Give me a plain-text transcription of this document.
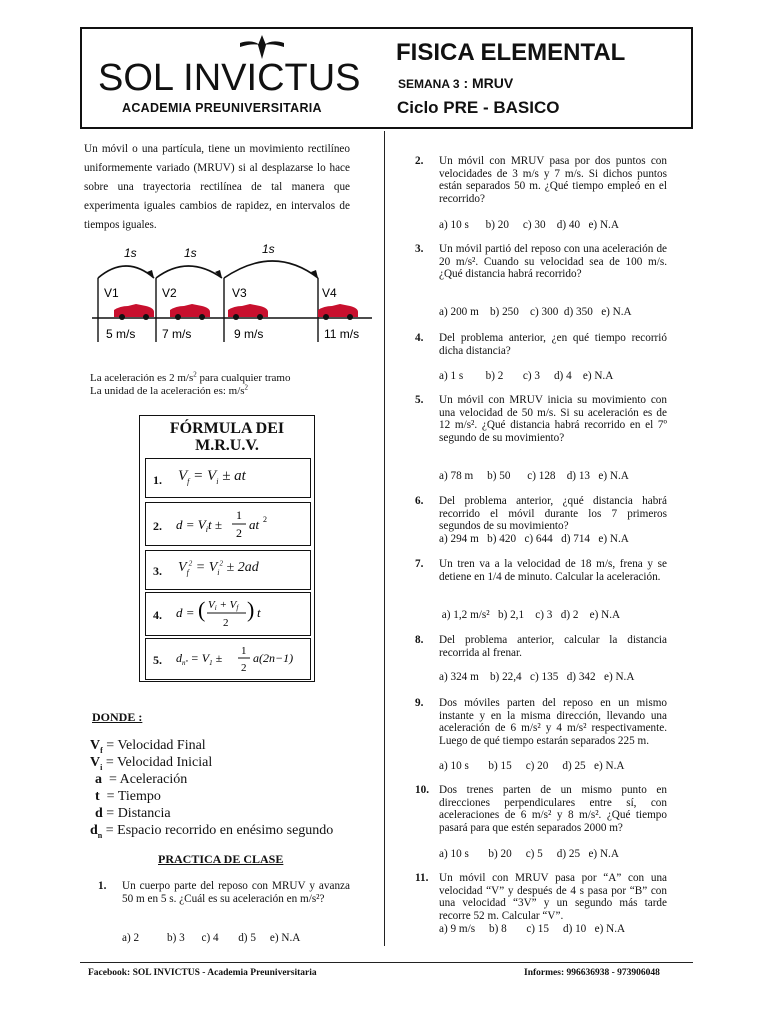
SOL INVICTUS
ACADEMIA PREUNIVERSITARIA
FISICA ELEMENTAL
SEMANA 3 : MRUV
Ciclo PRE - BASICO
Un móvil o una partícula, tiene un movimiento rectilíneo uniformemente variado (MRUV) si al desplazarse lo hace sobre una trayectoria rectilínea de tal manera que experimenta iguales cambios de rapidez, en intervalos de tiempos iguales.
1s	1s	1s
V1	V2	V3	V4
5 m/s 7 m/s	9 m/s	11 m/s
La aceleración es 2 $m/s^2$ para cualquier tramo
La unidad de la aceleración es: $m/s^2$
FÓRMULA DEI
M.R.U.V.
1. $V_f = V_i$ ± at
2. $d = V_it$ ±
1
2
at 2
3. $V_f^2 = V_i^2 \pm 2ad$
4. d = ( Vi + Vf
2
) t
5. $d_{nº} = V_1 \pm 1$
2
a(2n−1)
DONDE :
$V_f$ = Velocidad Final
$V_i$ = Velocidad Inicial
a  = Aceleración
t  = Tiempo
d = Distancia
$d_n$ = Espacio recorrido en enésimo segundo
PRACTICA DE CLASE
1. Un cuerpo parte del reposo con MRUV y avanza 50 m en 5 s. ¿Cuál es su aceleración en m/s²?
a) 2          b) 3      c) 4       d) 5     e) N.A
2. Un móvil con MRUV pasa por dos puntos con velocidades de 3 m/s y 7 m/s. Si dichos puntos están separados 50 m. ¿Qué tiempo empleó en el recorrido?
a) 10 s      b) 20     c) 30    d) 40   e) N.A
3. Un móvil partió del reposo con una aceleración de 20 m/s². Cuando su velocidad sea de 100 m/s. ¿Qué distancia habrá recorrido?
a) 200 m    b) 250    c) 300  d) 350   e) N.A
4. Del problema anterior, ¿en qué tiempo recorrió dicha distancia?
a) 1 s        b) 2       c) 3     d) 4    e) N.A
5. Un móvil con MRUV inicia su movimiento con una velocidad de 50 m/s. Si su aceleración es de 12 m/s². ¿Qué distancia habrá recorrido en el 7º segundo de su movimiento?
a) 78 m     b) 50      c) 128    d) 13   e) N.A
6. Del problema anterior, ¿qué distancia habrá recorrido el móvil durante los 7 primeros segundos de su movimiento?
a) 294 m   b) 420   c) 644   d) 714   e) N.A
7. Un tren va a la velocidad de 18 m/s, frena y se detiene en 1/4 de minuto. Calcular la aceleración.
a) 1,2 m/s²   b) 2,1    c) 3   d) 2    e) N.A
8. Del problema anterior, calcular la distancia recorrida al frenar.
a) 324 m    b) 22,4   c) 135   d) 342   e) N.A
9. Dos móviles parten del reposo en un mismo instante y en la misma dirección, llevando una aceleración de 6 m/s² y 4 m/s² respectivamente. Luego de qué tiempo estarán separados 225 m.
a) 10 s       b) 15     c) 20     d) 25   e) N.A
10. Dos trenes parten de un mismo punto en direcciones perpendiculares entre sí, con aceleraciones de 6 m/s² y 8 m/s². ¿Qué tiempo pasará para que estén separados 2000 m?
a) 10 s       b) 20     c) 5     d) 25   e) N.A
11. Un móvil con MRUV pasa por “A” con una velocidad “V” y después de 4 s pasa por “B” con una velocidad “3V” y un segundo más tarde recorre 52 m. Calcular “V”.
a) 9 m/s     b) 8       c) 15     d) 10   e) N.A
Facebook: SOL INVICTUS - Academia Preuniversitaria	Informes: 996636938 - 973906048
